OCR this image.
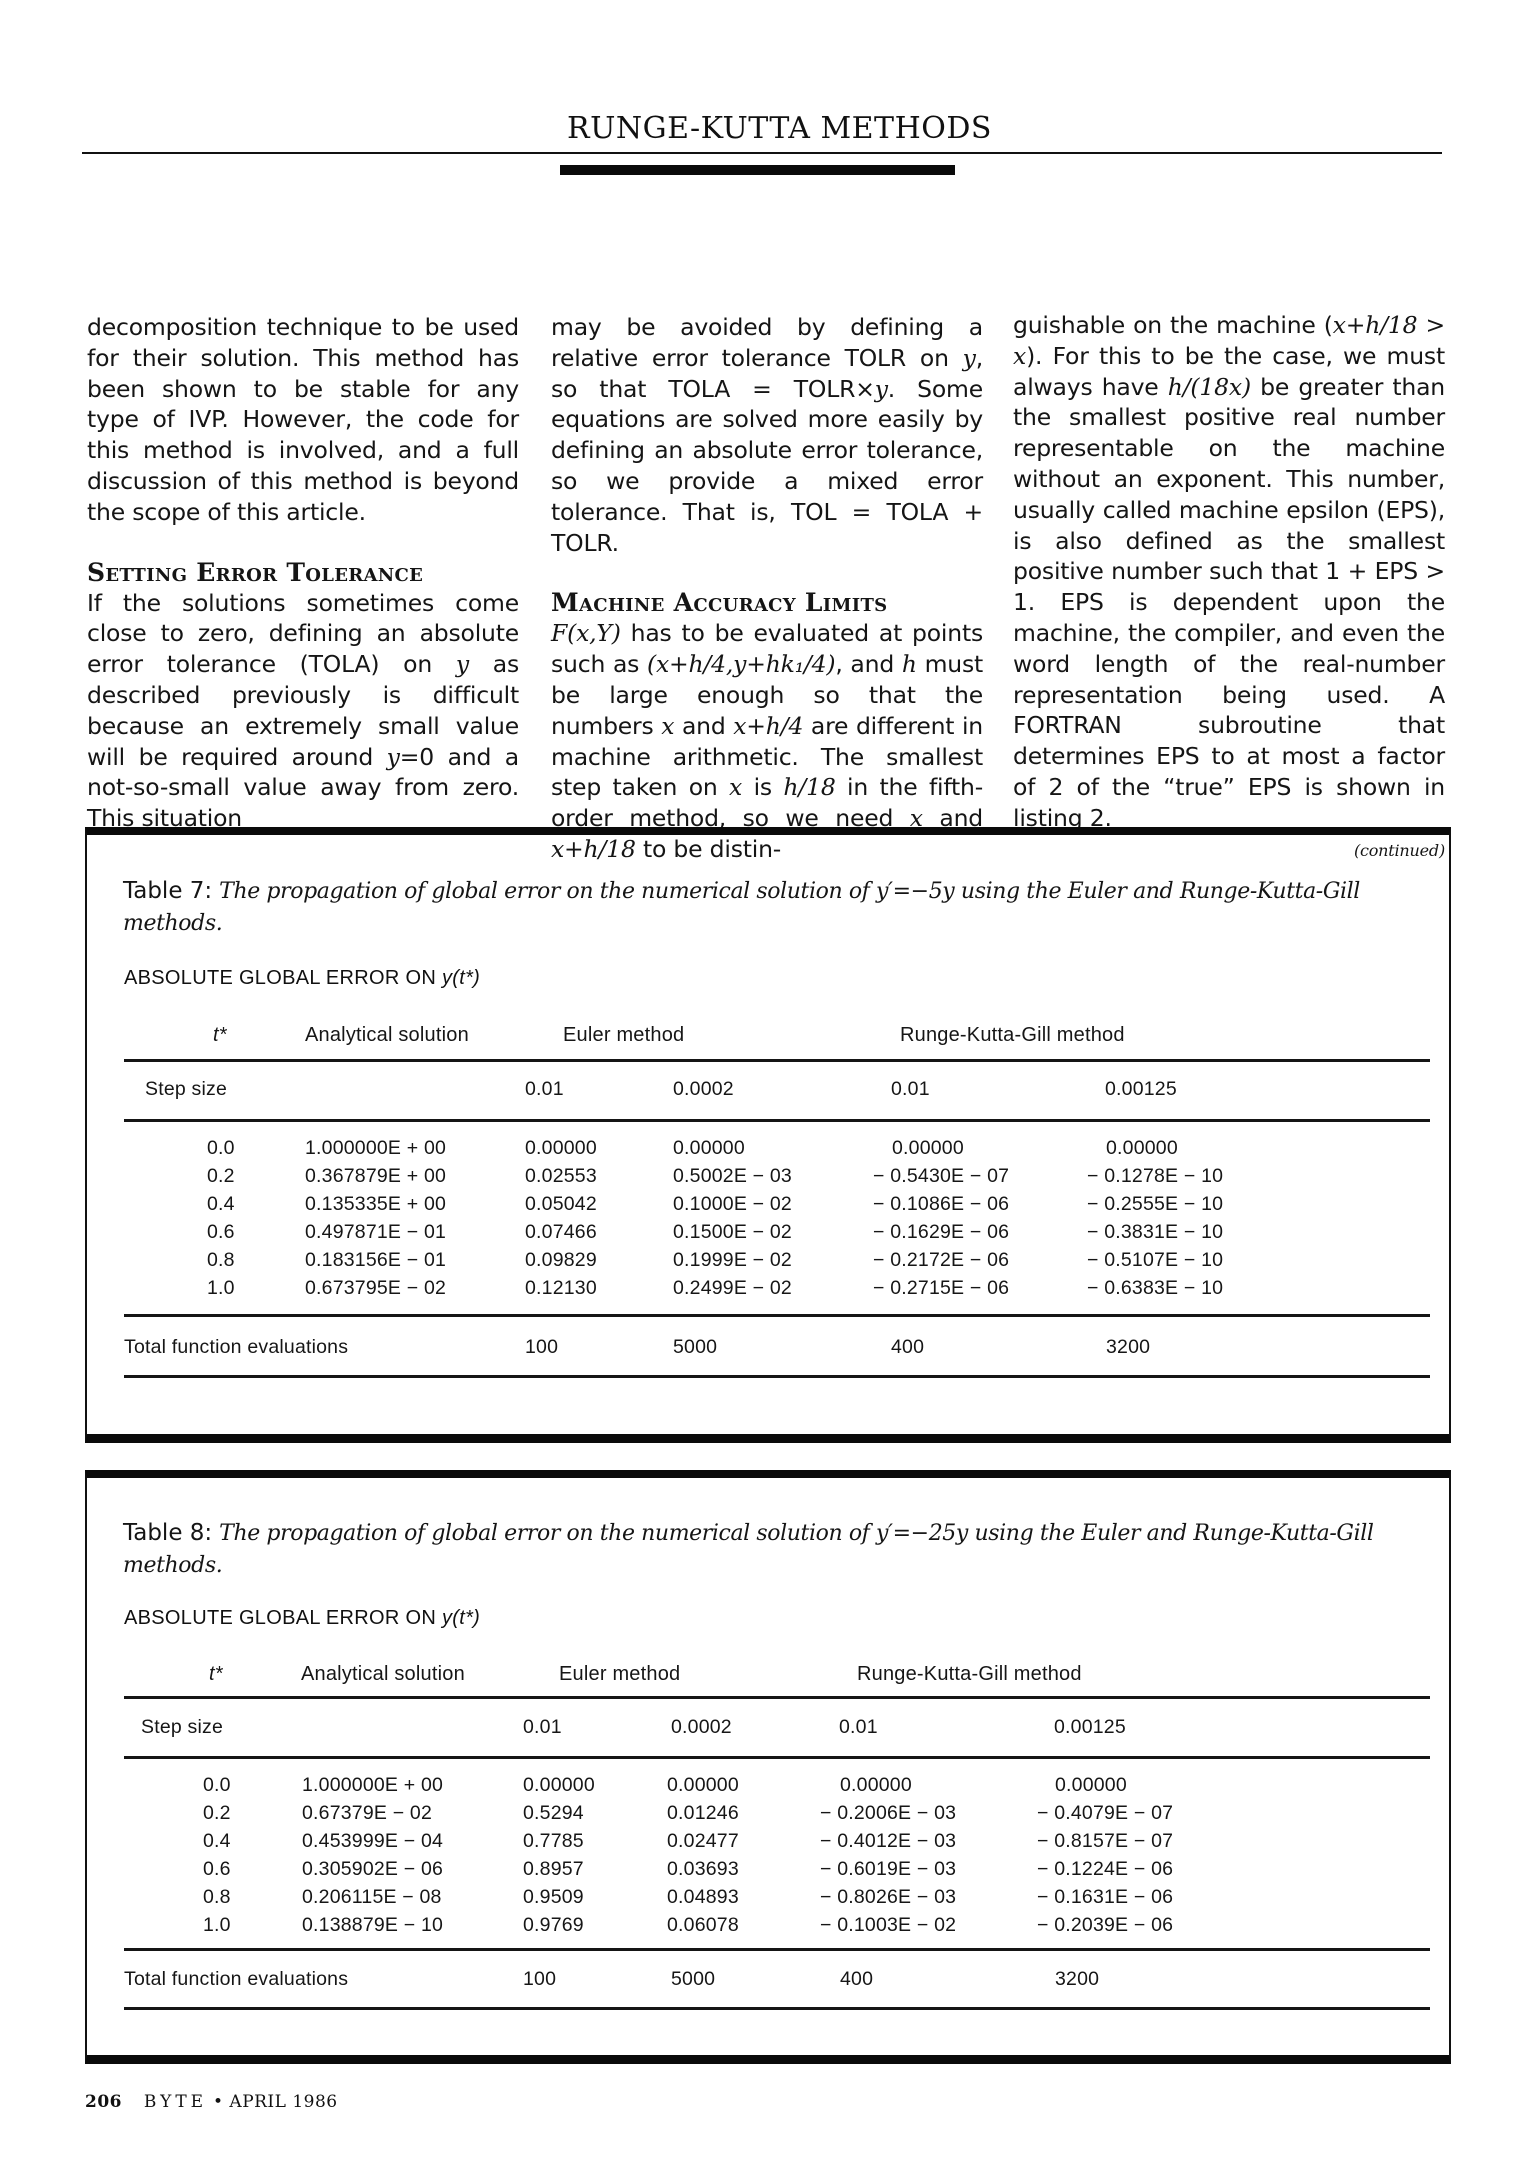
RUNGE-KUTTA METHODS

decomposition technique to be used for their solution. This method has been shown to be stable for any type of IVP. However, the code for this method is involved, and a full discussion of this method is beyond the scope of this article.

Setting Error Tolerance

If the solutions sometimes come close to zero, defining an absolute error tolerance (TOLA) on y as described previously is difficult because an extremely small value will be required around y=0 and a not-so-small value away from zero. This situation

may be avoided by defining a relative error tolerance TOLR on y, so that TOLA = TOLR×y. Some equations are solved more easily by defining an absolute error tolerance, so we provide a mixed error tolerance. That is, TOL = TOLA + TOLR.

Machine Accuracy Limits

F(x,Y) has to be evaluated at points such as (x+h/4,y+hk₁/4), and h must be large enough so that the numbers x and x+h/4 are different in machine arithmetic. The smallest step taken on x is h/18 in the fifth-order method, so we need x and x+h/18 to be distin-

guishable on the machine (x+h/18 > x). For this to be the case, we must always have h/(18x) be greater than the smallest positive real number representable on the machine without an exponent. This number, usually called machine epsilon (EPS), is also defined as the smallest positive number such that 1 + EPS > 1. EPS is dependent upon the machine, the compiler, and even the word length of the real-number representation being used. A FORTRAN subroutine that determines EPS to at most a factor of 2 of the “true” EPS is shown in listing 2.

(continued)

Table 7: The propagation of global error on the numerical solution of y′=−5y using the Euler and Runge-Kutta-Gill methods.
ABSOLUTE GLOBAL ERROR ON y(t*)
t*	Analytical solution	Euler method	Runge-Kutta-Gill method
Step size	0.01	0.0002	0.01	0.00125
0.0	1.000000E + 00	0.00000	0.00000	0.00000	0.00000
0.2	0.367879E + 00	0.02553	0.5002E − 03	− 0.5430E − 07	− 0.1278E − 10
0.4	0.135335E + 00	0.05042	0.1000E − 02	− 0.1086E − 06	− 0.2555E − 10
0.6	0.497871E − 01	0.07466	0.1500E − 02	− 0.1629E − 06	− 0.3831E − 10
0.8	0.183156E − 01	0.09829	0.1999E − 02	− 0.2172E − 06	− 0.5107E − 10
1.0	0.673795E − 02	0.12130	0.2499E − 02	− 0.2715E − 06	− 0.6383E − 10
Total function evaluations	100	5000	400	3200
Table 8: The propagation of global error on the numerical solution of y′=−25y using the Euler and Runge-Kutta-Gill methods.
ABSOLUTE GLOBAL ERROR ON y(t*)
t*	Analytical solution	Euler method	Runge-Kutta-Gill method
Step size	0.01	0.0002	0.01	0.00125
0.0	1.000000E + 00	0.00000	0.00000	0.00000	0.00000
0.2	0.67379E − 02	0.5294	0.01246	− 0.2006E − 03	− 0.4079E − 07
0.4	0.453999E − 04	0.7785	0.02477	− 0.4012E − 03	− 0.8157E − 07
0.6	0.305902E − 06	0.8957	0.03693	− 0.6019E − 03	− 0.1224E − 06
0.8	0.206115E − 08	0.9509	0.04893	− 0.8026E − 03	− 0.1631E − 06
1.0	0.138879E − 10	0.9769	0.06078	− 0.1003E − 02	− 0.2039E − 06
Total function evaluations	100	5000	400	3200
206 BYTE • APRIL 1986
